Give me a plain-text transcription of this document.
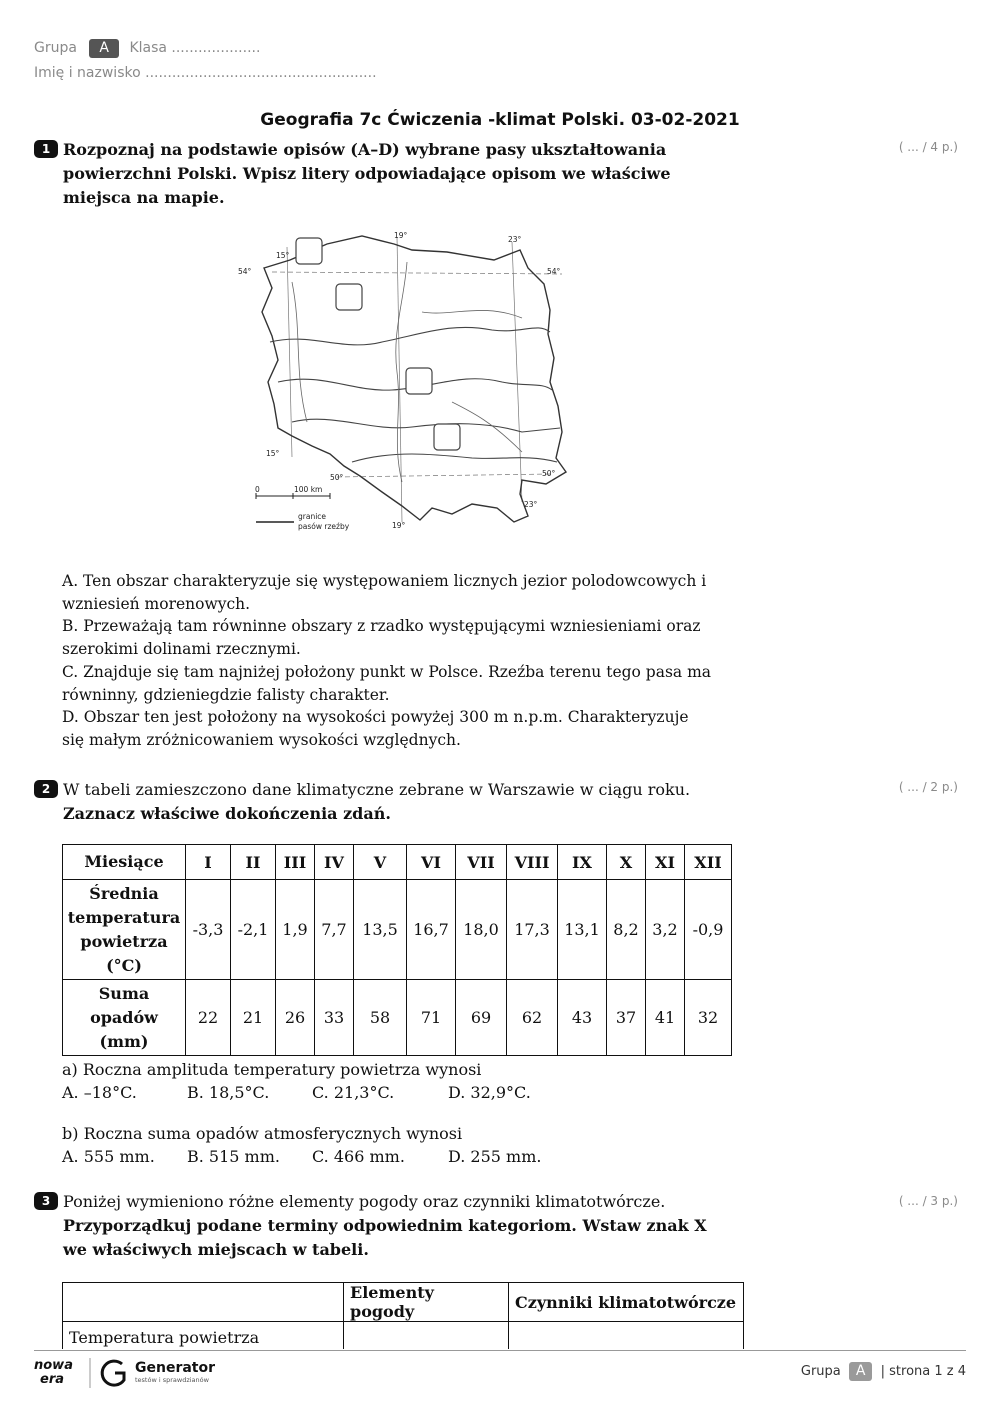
Grupa A Klasa ....................
Imię i nazwisko ....................................................
Geografia 7c Ćwiczenia -klimat Polski. 03-02-2021
1 Rozpoznaj na podstawie opisów (A–D) wybrane pasy ukształtowania powierzchni Polski. Wpisz litery odpowiadające opisom we właściwe miejsca na mapie.
( ... / 4 p.)
54°	54°
50°	50°
15°
15°
19°
19°
23°
23°
0	100 km
granice
pasów rzeźby

A. Ten obszar charakteryzuje się występowaniem licznych jezior polodowcowych i wzniesień morenowych.

B. Przeważają tam równinne obszary z rzadko występującymi wzniesieniami oraz szerokimi dolinami rzecznymi.

C. Znajduje się tam najniżej położony punkt w Polsce. Rzeźba terenu tego pasa ma równinny, gdzieniegdzie falisty charakter.

D. Obszar ten jest położony na wysokości powyżej 300 m n.p.m. Charakteryzuje się małym zróżnicowaniem wysokości względnych.

2 W tabeli zamieszczono dane klimatyczne zebrane w Warszawie w ciągu roku. Zaznacz właściwe dokończenia zdań.
( ... / 2 p.)
Miesiące	I	II	III	IV	V	VI	VII	VIII	IX	X	XI	XII
Średnia temperatura powietrza (°C)	-3,3	-2,1	1,9	7,7	13,5	16,7	18,0	17,3	13,1	8,2	3,2	-0,9
Suma opadów (mm)	22	21	26	33	58	71	69	62	43	37	41	32
a) Roczna amplituda temperatury powietrza wynosi
A. –18°C.	B. 18,5°C.	C. 21,3°C.	D. 32,9°C.
b) Roczna suma opadów atmosferycznych wynosi
A. 555 mm. B. 515 mm. C. 466 mm.	D. 255 mm.
3 Poniżej wymieniono różne elementy pogody oraz czynniki klimatotwórcze.
Przyporządkuj podane terminy odpowiednim kategoriom. Wstaw znak X we właściwych miejscach w tabeli.
( ... / 3 p.)
	Elementy pogody	Czynniki klimatotwórcze
Temperatura powietrza		

nowa
era
Generator
testów i sprawdzianów
Grupa A | strona 1 z 4
